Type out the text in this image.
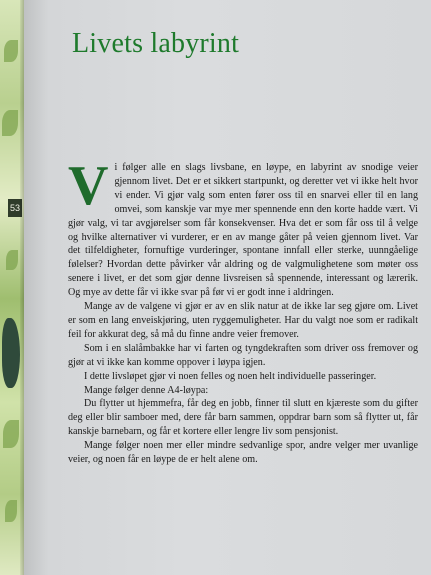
53
Livets labyrint

Vi følger alle en slags livsbane, en løype, en labyrint av snodige veier gjennom livet. Det er et sikkert startpunkt, og deretter vet vi ikke helt hvor vi ender. Vi gjør valg som enten fører oss til en snarvei eller til en lang omvei, som kanskje var mye mer spennende enn den korte hadde vært. Vi gjør valg, vi tar avgjørelser som får konsekvenser. Hva det er som får oss til å velge og hvilke alternativer vi vurderer, er en av mange gåter på veien gjennom livet. Var det tilfeldigheter, fornuftige vurderinger, spontane innfall eller sterke, uunngåelige følelser? Hvordan dette påvirker vår aldring og de valgmulighetene som møter oss senere i livet, er det som gjør denne livsreisen så spennende, interessant og lærerik. Og mye av dette får vi ikke svar på før vi er godt inne i aldringen.

Mange av de valgene vi gjør er av en slik natur at de ikke lar seg gjøre om. Livet er som en lang enveiskjøring, uten ryggemuligheter. Har du valgt noe som er radikalt feil for akkurat deg, så må du finne andre veier fremover.

Som i en slalåmbakke har vi farten og tyngdekraften som driver oss fremover og gjør at vi ikke kan komme oppover i løypa igjen.

I dette livsløpet gjør vi noen felles og noen helt individuelle passeringer.

Mange følger denne A4-løypa:

Du flytter ut hjemmefra, får deg en jobb, finner til slutt en kjæreste som du gifter deg eller blir samboer med, dere får barn sammen, oppdrar barn som så flytter ut, får kanskje barnebarn, og får et kortere eller lengre liv som pensjonist.

Mange følger noen mer eller mindre sedvanlige spor, andre velger mer uvanlige veier, og noen får en løype de er helt alene om.
